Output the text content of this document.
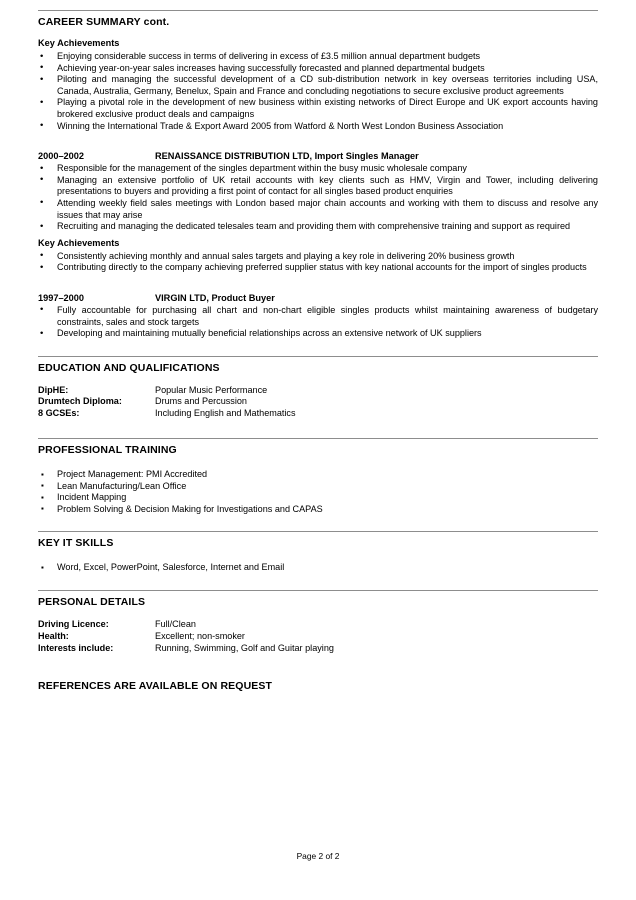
CAREER SUMMARY cont.
Key Achievements
• Enjoying considerable success in terms of delivering in excess of £3.5 million annual department budgets
• Achieving year-on-year sales increases having successfully forecasted and planned departmental budgets
• Piloting and managing the successful development of a CD sub-distribution network in key overseas territories including USA, Canada, Australia, Germany, Benelux, Spain and France and concluding negotiations to secure exclusive product agreements
• Playing a pivotal role in the development of new business within existing networks of Direct Europe and UK export accounts having brokered exclusive product deals and campaigns
• Winning the International Trade & Export Award 2005 from Watford & North West London Business Association
2000–2002	RENAISSANCE DISTRIBUTION LTD, Import Singles Manager
• Responsible for the management of the singles department within the busy music wholesale company
• Managing an extensive portfolio of UK retail accounts with key clients such as HMV, Virgin and Tower, including delivering presentations to buyers and providing a first point of contact for all singles based product enquiries
• Attending weekly field sales meetings with London based major chain accounts and working with them to discuss and resolve any issues that may arise
• Recruiting and managing the dedicated telesales team and providing them with comprehensive training and support as required
Key Achievements
• Consistently achieving monthly and annual sales targets and playing a key role in delivering 20% business growth
• Contributing directly to the company achieving preferred supplier status with key national accounts for the import of singles products
1997–2000	VIRGIN LTD, Product Buyer
• Fully accountable for purchasing all chart and non-chart eligible singles products whilst maintaining awareness of budgetary constraints, sales and stock targets
• Developing and maintaining mutually beneficial relationships across an extensive network of UK suppliers
EDUCATION AND QUALIFICATIONS
DipHE:	Popular Music Performance
Drumtech Diploma:	Drums and Percussion
8 GCSEs:	Including English and Mathematics
PROFESSIONAL TRAINING
▪ Project Management: PMI Accredited
▪ Lean Manufacturing/Lean Office
▪ Incident Mapping
▪ Problem Solving & Decision Making for Investigations and CAPAS
KEY IT SKILLS
▪ Word, Excel, PowerPoint, Salesforce, Internet and Email
PERSONAL DETAILS
Driving Licence:	Full/Clean
Health:	Excellent; non-smoker
Interests include:	Running, Swimming, Golf and Guitar playing
REFERENCES ARE AVAILABLE ON REQUEST
Page 2 of 2
